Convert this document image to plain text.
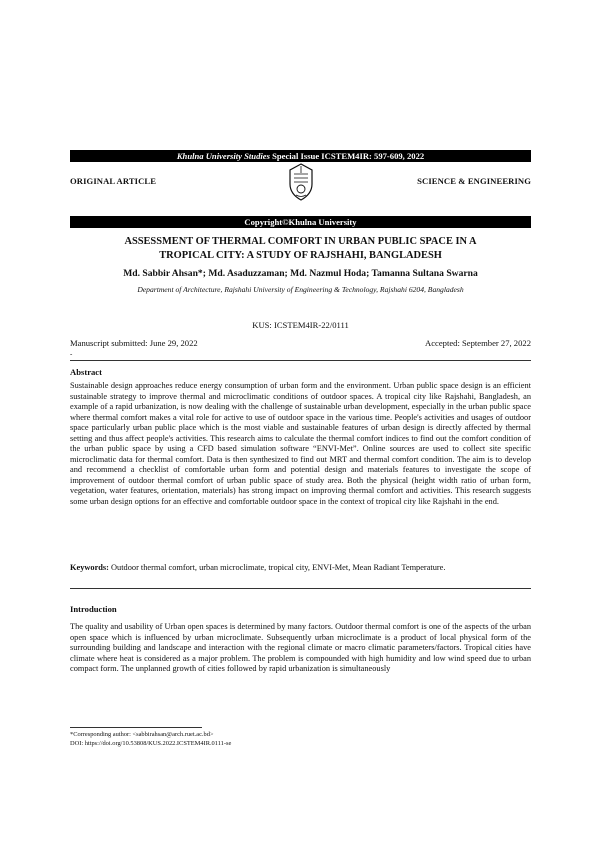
Khulna University Studies Special Issue ICSTEM4IR: 597-609, 2022
ORIGINAL ARTICLE	SCIENCE & ENGINEERING
Copyright©Khulna University
ASSESSMENT OF THERMAL COMFORT IN URBAN PUBLIC SPACE IN A
TROPICAL CITY: A STUDY OF RAJSHAHI, BANGLADESH
Md. Sabbir Ahsan*; Md. Asaduzzaman; Md. Nazmul Hoda; Tamanna Sultana Swarna
Department of Architecture, Rajshahi University of Engineering & Technology, Rajshahi 6204, Bangladesh
KUS: ICSTEM4IR-22/0111
Manuscript submitted: June 29, 2022	Accepted: September 27, 2022
-
Abstract
Sustainable design approaches reduce energy consumption of urban form and the environment. Urban public space design is an efficient sustainable strategy to improve thermal and microclimatic conditions of outdoor spaces. A tropical city like Rajshahi, Bangladesh, an example of a rapid urbanization, is now dealing with the challenge of sustainable urban development, especially in the urban public space where thermal comfort makes a vital role for active to use of outdoor space in the various time. People's activities and usages of outdoor space particularly urban public place which is the most viable and sustainable features of urban design is directly affected by thermal setting and thus affect people's activities. This research aims to calculate the thermal comfort indices to find out the comfort condition of the urban public space by using a CFD based simulation software “ENVI-Met”. Online sources are used to collect site specific microclimatic data for thermal comfort. Data is then synthesized to find out MRT and thermal comfort condition. The aim is to develop and recommend a checklist of comfortable urban form and potential design and materials features to investigate the scope of improvement of outdoor thermal comfort of urban public space of study area. Both the physical (height width ratio of urban form, vegetation, water features, orientation, materials) has strong impact on improving thermal comfort and activities. This research suggests some urban design options for an effective and comfortable outdoor space in the context of tropical city like Rajshahi in the end.
Keywords: Outdoor thermal comfort, urban microclimate, tropical city, ENVI-Met, Mean Radiant Temperature.
Introduction
The quality and usability of Urban open spaces is determined by many factors. Outdoor thermal comfort is one of the aspects of the urban open space which is influenced by urban microclimate. Subsequently urban microclimate is a product of local physical form of the surrounding building and landscape and interaction with the regional climate or macro climatic parameters/factors. Tropical cities have climate where heat is considered as a major problem. The problem is compounded with high humidity and low wind speed due to urban compact form. The unplanned growth of cities followed by rapid urbanization is simultaneously
*Corresponding author: <sabbirahsan@arch.ruet.ac.bd>
DOI: https://doi.org/10.53808/KUS.2022.ICSTEM4IR.0111-se
